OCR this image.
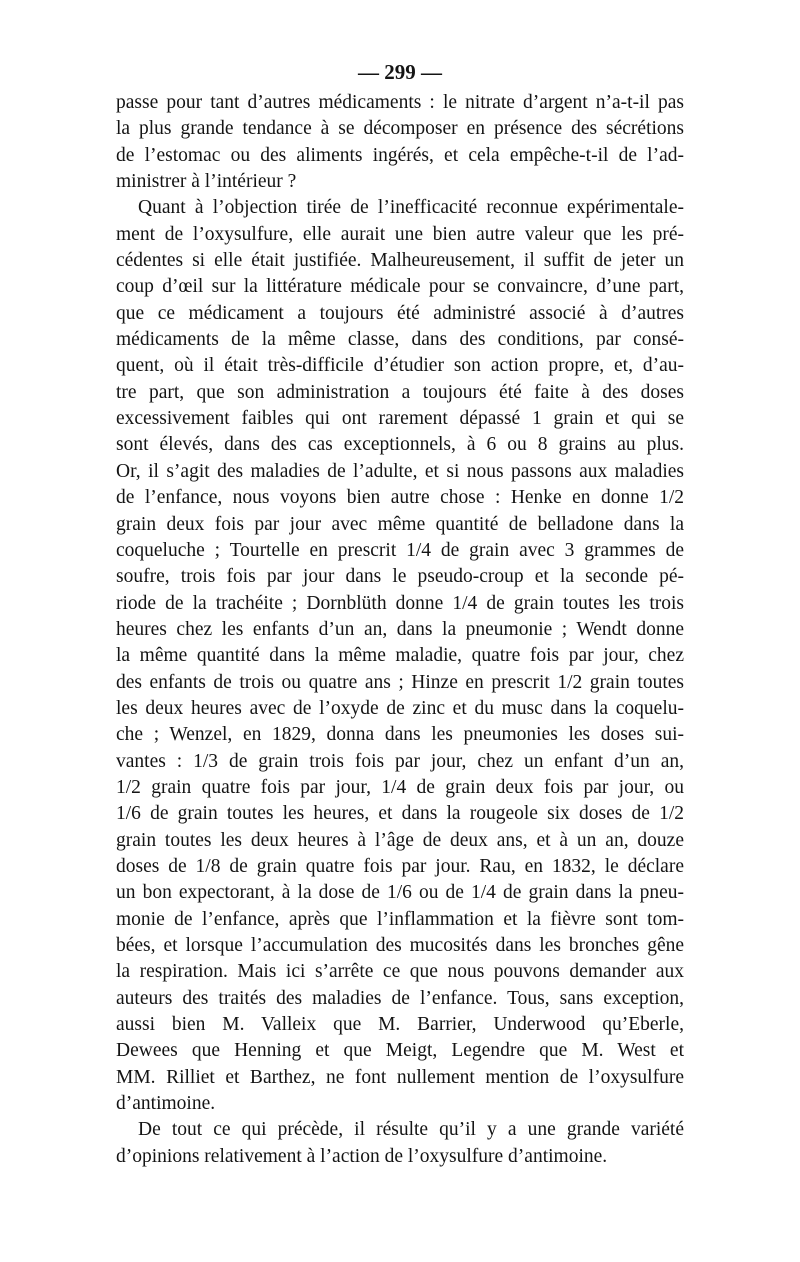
— 299 —
passe pour tant d’autres médicaments : le nitrate d’argent n’a-t-il pas
la plus grande tendance à se décomposer en présence des sécrétions
de l’estomac ou des aliments ingérés, et cela empêche-t-il de l’ad-
ministrer à l’intérieur ?
Quant à l’objection tirée de l’inefficacité reconnue expérimentale-
ment de l’oxysulfure, elle aurait une bien autre valeur que les pré-
cédentes si elle était justifiée. Malheureusement, il suffit de jeter un
coup d’œil sur la littérature médicale pour se convaincre, d’une part,
que ce médicament a toujours été administré associé à d’autres
médicaments de la même classe, dans des conditions, par consé-
quent, où il était très-difficile d’étudier son action propre, et, d’au-
tre part, que son administration a toujours été faite à des doses
excessivement faibles qui ont rarement dépassé 1 grain et qui se
sont élevés, dans des cas exceptionnels, à 6 ou 8 grains au plus.
Or, il s’agit des maladies de l’adulte, et si nous passons aux maladies
de l’enfance, nous voyons bien autre chose : Henke en donne 1/2
grain deux fois par jour avec même quantité de belladone dans la
coqueluche ; Tourtelle en prescrit 1/4 de grain avec 3 grammes de
soufre, trois fois par jour dans le pseudo-croup et la seconde pé-
riode de la trachéite ; Dornblüth donne 1/4 de grain toutes les trois
heures chez les enfants d’un an, dans la pneumonie ; Wendt donne
la même quantité dans la même maladie, quatre fois par jour, chez
des enfants de trois ou quatre ans ; Hinze en prescrit 1/2 grain toutes
les deux heures avec de l’oxyde de zinc et du musc dans la coquelu-
che ; Wenzel, en 1829, donna dans les pneumonies les doses sui-
vantes : 1/3 de grain trois fois par jour, chez un enfant d’un an,
1/2 grain quatre fois par jour, 1/4 de grain deux fois par jour, ou
1/6 de grain toutes les heures, et dans la rougeole six doses de 1/2
grain toutes les deux heures à l’âge de deux ans, et à un an, douze
doses de 1/8 de grain quatre fois par jour. Rau, en 1832, le déclare
un bon expectorant, à la dose de 1/6 ou de 1/4 de grain dans la pneu-
monie de l’enfance, après que l’inflammation et la fièvre sont tom-
bées, et lorsque l’accumulation des mucosités dans les bronches gêne
la respiration. Mais ici s’arrête ce que nous pouvons demander aux
auteurs des traités des maladies de l’enfance. Tous, sans exception,
aussi bien M. Valleix que M. Barrier, Underwood qu’Eberle,
Dewees que Henning et que Meigt, Legendre que M. West et
MM. Rilliet et Barthez, ne font nullement mention de l’oxysulfure
d’antimoine.
De tout ce qui précède, il résulte qu’il y a une grande variété
d’opinions relativement à l’action de l’oxysulfure d’antimoine.
